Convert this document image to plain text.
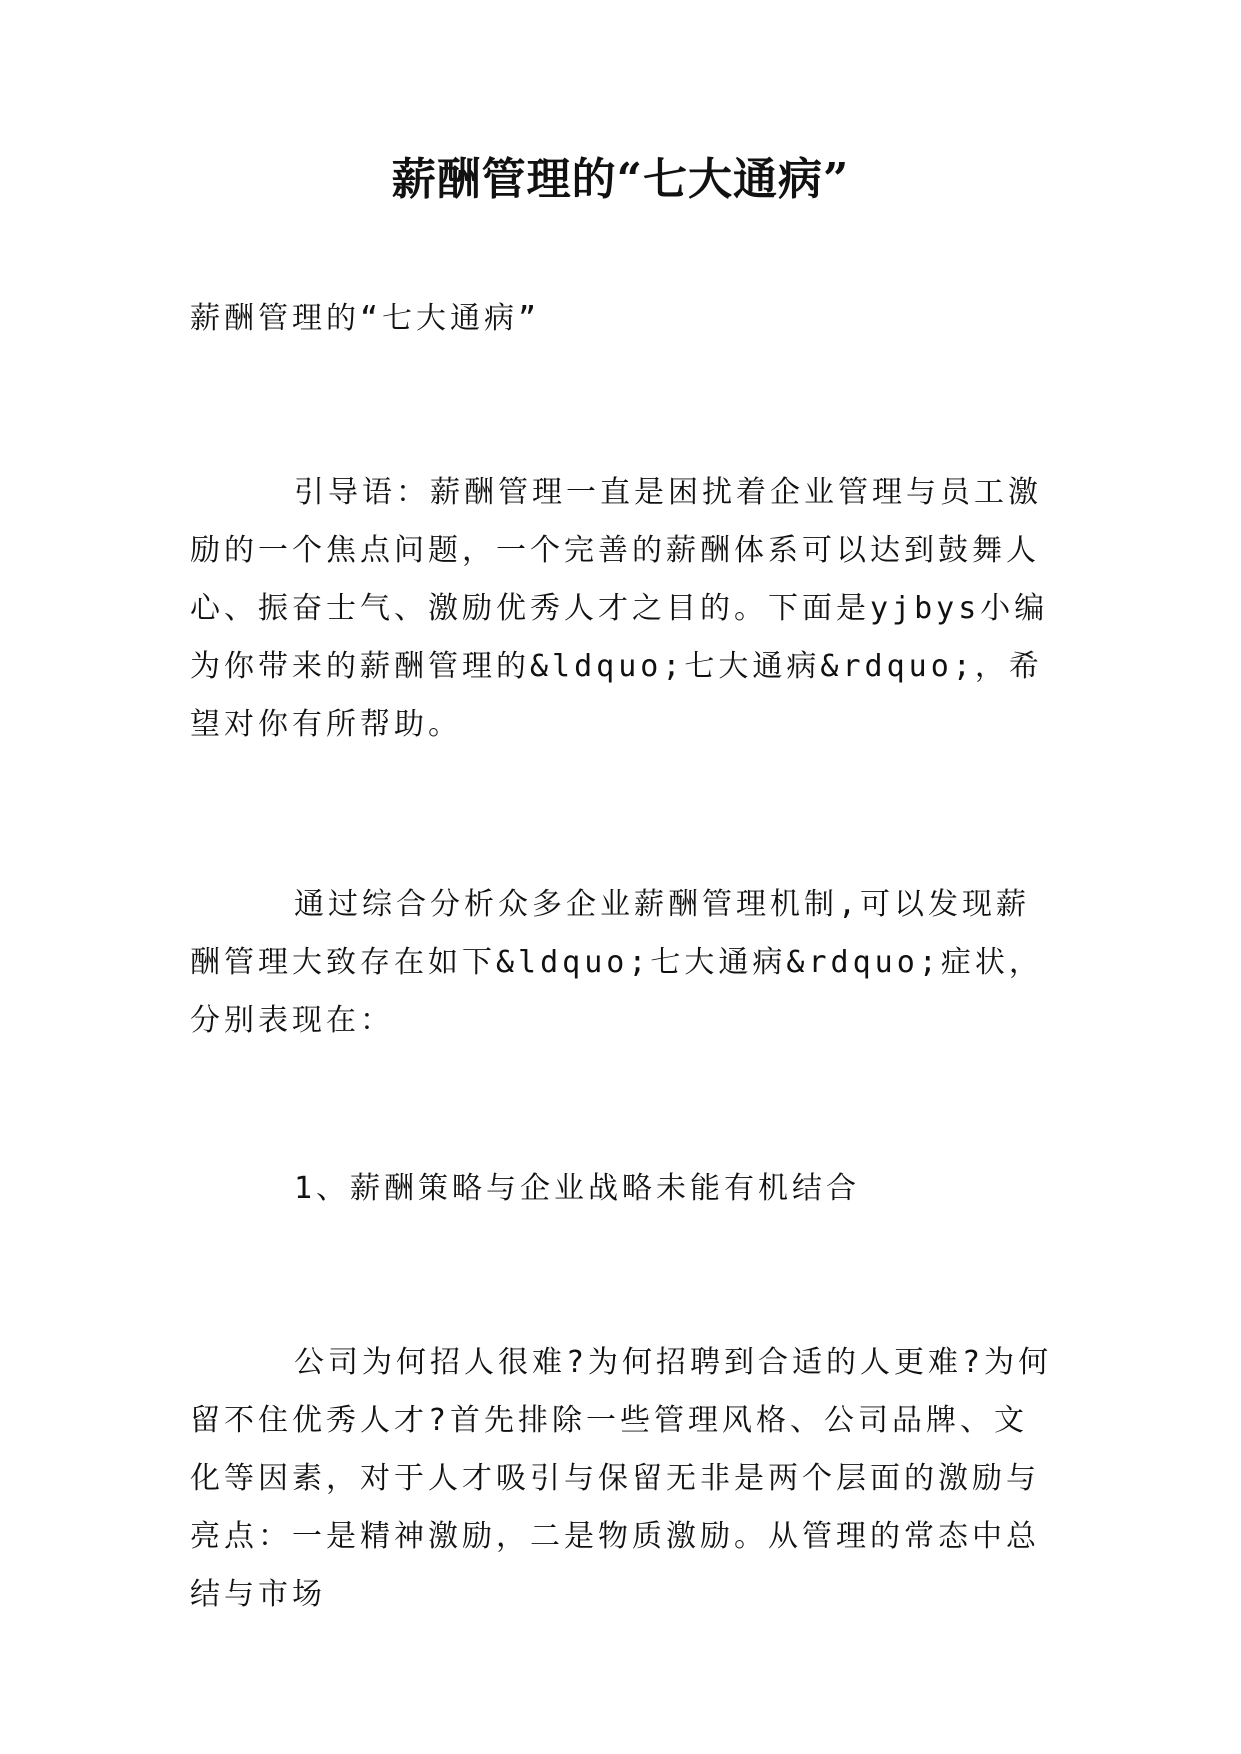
薪酬管理的“七大通病”

薪酬管理的“七大通病”

引导语：薪酬管理一直是困扰着企业管理与员工激励的一个焦点问题，一个完善的薪酬体系可以达到鼓舞人心、振奋士气、激励优秀人才之目的。下面是yjbys小编为你带来的薪酬管理的&ldquo;七大通病&rdquo;，希望对你有所帮助。

通过综合分析众多企业薪酬管理机制,可以发现薪酬管理大致存在如下&ldquo;七大通病&rdquo;症状，分别表现在：

1、薪酬策略与企业战略未能有机结合

公司为何招人很难?为何招聘到合适的人更难?为何留不住优秀人才?首先排除一些管理风格、公司品牌、文化等因素，对于人才吸引与保留无非是两个层面的激励与亮点：一是精神激励，二是物质激励。从管理的常态中总结与市场
